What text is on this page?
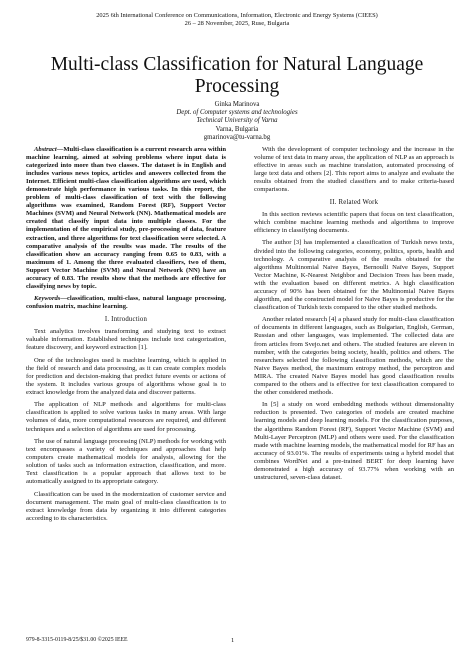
2025 6th International Conference on Communications, Information, Electronic and Energy Systems (CIEES)
26 – 28 November, 2025, Ruse, Bulgaria
Multi-class Classification for Natural Language Processing
Ginka Marinova
Dept. of Computer systems and technologies
Technical University of Varna
Varna, Bulgaria
gmarinova@tu-varna.bg

Abstract—Multi-class classification is a current research area within machine learning, aimed at solving problems where input data is categorized into more than two classes. The dataset is in English and includes various news topics, articles and answers collected from the Internet. Efficient multi-class classification algorithms are used, which demonstrate high performance in various tasks. In this report, the problem of multi-class classification of text with the following algorithms was examined, Random Forest (RF), Support Vector Machines (SVM) and Neural Network (NN). Mathematical models are created that classify input data into multiple classes. For the implementation of the empirical study, pre-processing of data, feature extraction, and three algorithms for text classification were selected. A comparative analysis of the results was made. The results of the classification show an accuracy ranging from 0.65 to 0.83, with a maximum of 1. Among the three evaluated classifiers, two of them, Support Vector Machine (SVM) and Neural Network (NN) have an accuracy of 0.83. The results show that the methods are effective for classifying news by topic.

Keywords—classification, multi-class, natural language processing, confusion matrix, machine learning.

I. Introduction

Text analytics involves transforming and studying text to extract valuable information. Established techniques include text categorization, feature discovery, and keyword extraction [1].

One of the technologies used is machine learning, which is applied in the field of research and data processing, as it can create complex models for prediction and decision-making that predict future events or actions of the system. It includes various groups of algorithms whose goal is to extract knowledge from the analyzed data and discover patterns.

The application of NLP methods and algorithms for multi-class classification is applied to solve various tasks in many areas. With large volumes of data, more computational resources are required, and different techniques and a selection of algorithms are used for processing.

The use of natural language processing (NLP) methods for working with text encompasses a variety of techniques and approaches that help computers create mathematical models for analysis, allowing for the solution of tasks such as information extraction, classification, and more. Text classification is a popular approach that allows text to be automatically assigned to its appropriate category.

Classification can be used in the modernization of customer service and document management. The main goal of multi-class classification is to extract knowledge from data by organizing it into different categories according to its characteristics.

With the development of computer technology and the increase in the volume of text data in many areas, the application of NLP as an approach is effective in areas such as machine translation, automated processing of large text data and others [2]. This report aims to analyze and evaluate the results obtained from the studied classifiers and to make criteria-based comparisons.

II. Related Work

In this section reviews scientific papers that focus on text classification, which combine machine learning methods and algorithms to improve efficiency in classifying documents.

The author [3] has implemented a classification of Turkish news texts, divided into the following categories, economy, politics, sports, health and technology. A comparative analysis of the results obtained for the algorithms Multinomial Naive Bayes, Bernoulli Naïve Bayes, Support Vector Machine, K-Nearest Neighbor and Decision Trees has been made, with the evaluation based on different metrics. A high classification accuracy of 90% has been obtained for the Multinomial Naive Bayes algorithm, and the constructed model for Naïve Bayes is productive for the classification of Turkish texts compared to the other studied methods.

Another related research [4] a phased study for multi-class classification of documents in different languages, such as Bulgarian, English, German, Russian and other languages, was implemented. The collected data are from articles from Svejo.net and others. The studied features are eleven in number, with the categories being society, health, politics and others. The researchers selected the following classification methods, which are the Naive Bayes method, the maximum entropy method, the perceptron and MIRA. The created Naive Bayes model has good classification results compared to the others and is effective for text classification compared to the other considered methods.

In [5] a study on word embedding methods without dimensionality reduction is presented. Two categories of models are created machine learning models and deep learning models. For the classification purposes, the algorithms Random Forest (RF), Support Vector Machine (SVM) and Multi-Layer Perceptron (MLP) and others were used. For the classification made with machine learning models, the mathematical model for RF has an accuracy of 93.01%. The results of experiments using a hybrid model that combines WordNet and a pre-trained BERT for deep learning have demonstrated a high accuracy of 93.77% when working with an unstructured, seven-class dataset.

979-8-3315-0119-8/25/$31.00 ©2025 IEEE	1
